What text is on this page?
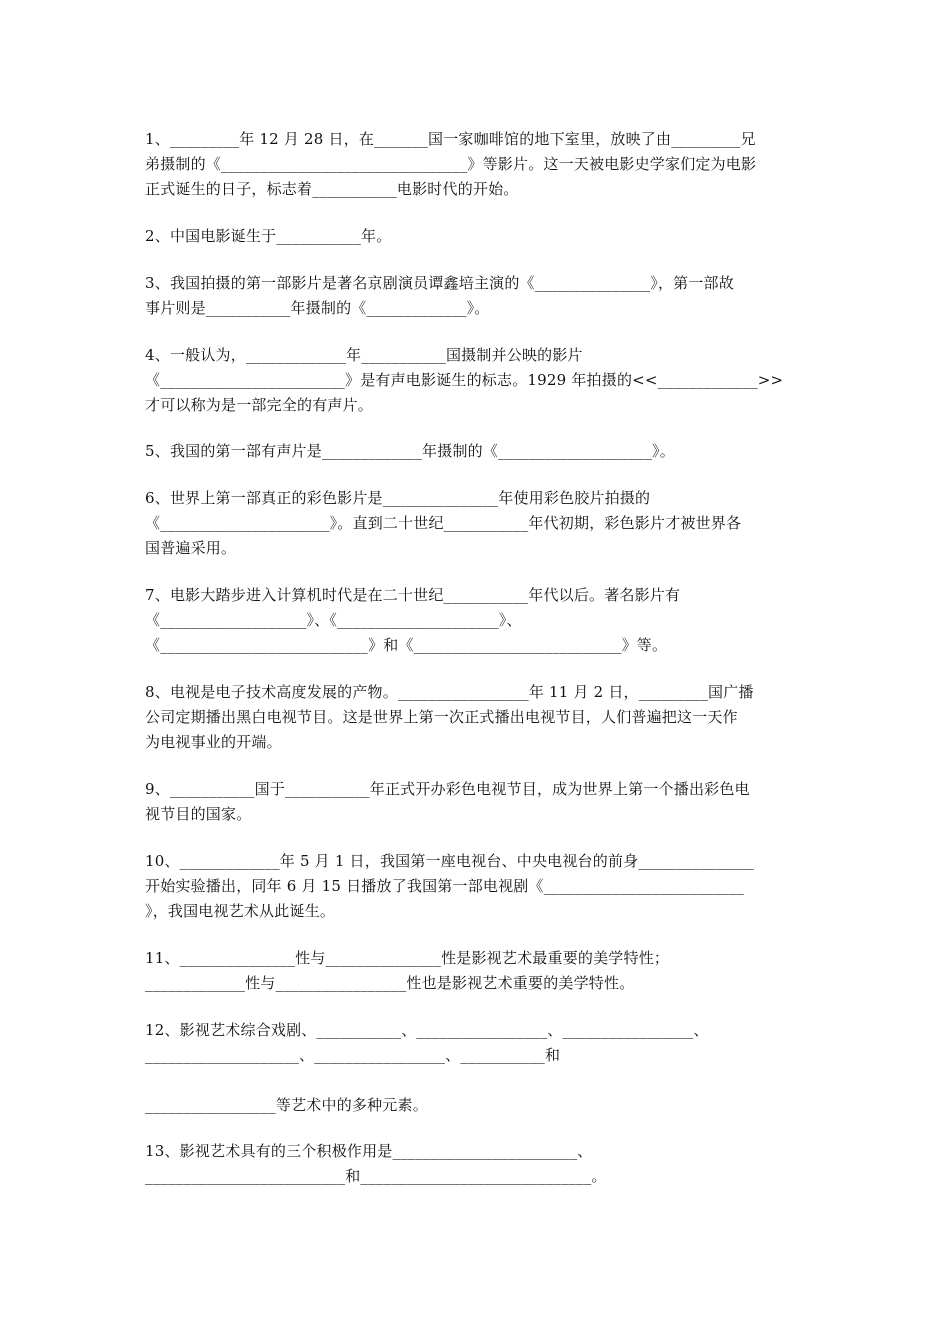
1、_________年 12 月 28 日，在_______国一家咖啡馆的地下室里，放映了由_________兄
弟摄制的《________________________________》等影片。这一天被电影史学家们定为电影
正式诞生的日子，标志着___________电影时代的开始。
2、中国电影诞生于___________年。
3、我国拍摄的第一部影片是著名京剧演员谭鑫培主演的《_______________》，第一部故
事片则是___________年摄制的《_____________》。
4、一般认为，_____________年___________国摄制并公映的影片
《________________________》是有声电影诞生的标志。1929 年拍摄的<<_____________>>
才可以称为是一部完全的有声片。
5、我国的第一部有声片是_____________年摄制的《____________________》。
6、世界上第一部真正的彩色影片是_______________年使用彩色胶片拍摄的
《______________________》。直到二十世纪___________年代初期，彩色影片才被世界各
国普遍采用。
7、电影大踏步进入计算机时代是在二十世纪___________年代以后。著名影片有
《___________________》、《_____________________》、
《___________________________》和《___________________________》等。
8、电视是电子技术高度发展的产物。_________________年 11 月 2 日，_________国广播
公司定期播出黑白电视节目。这是世界上第一次正式播出电视节目，人们普遍把这一天作
为电视事业的开端。
9、___________国于___________年正式开办彩色电视节目，成为世界上第一个播出彩色电
视节目的国家。
10、_____________年 5 月 1 日，我国第一座电视台、中央电视台的前身_______________
开始实验播出，同年 6 月 15 日播放了我国第一部电视剧《__________________________
》，我国电视艺术从此诞生。
11、_______________性与_______________性是影视艺术最重要的美学特性；
_____________性与_________________性也是影视艺术重要的美学特性。
12、影视艺术综合戏剧、___________、_________________、_________________、
____________________、_________________、___________和
_________________等艺术中的多种元素。
13、影视艺术具有的三个积极作用是________________________、
__________________________和______________________________。
